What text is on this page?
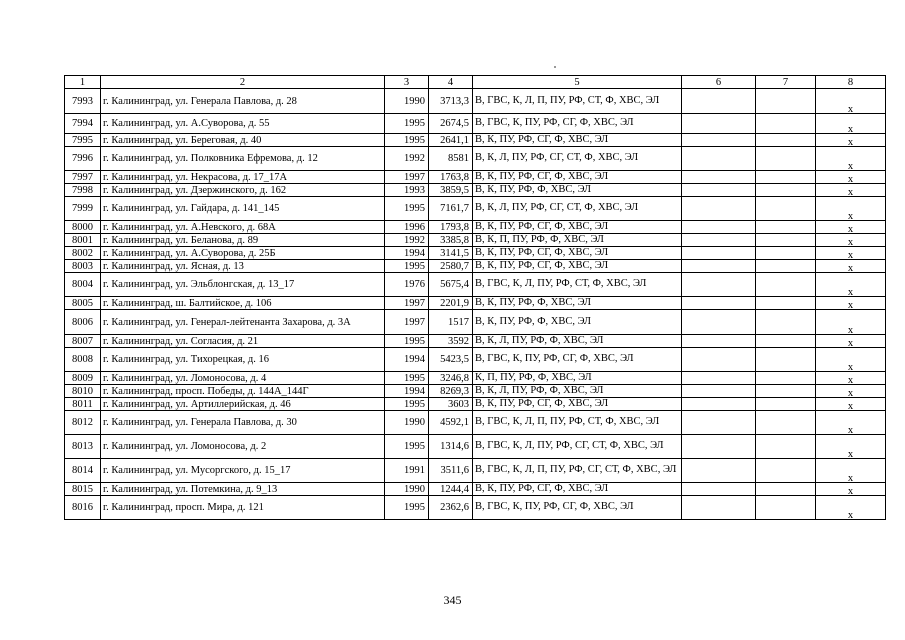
1	2	3	4	5	6	7	8
7993	г. Калининград, ул. Генерала Павлова, д. 28	1990	3713,3	В, ГВС, К, Л, П, ПУ, РФ, СТ, Ф, ХВС, ЭЛ			х
7994	г. Калининград, ул. А.Суворова, д. 55	1995	2674,5	В, ГВС, К, ПУ, РФ, СГ, Ф, ХВС, ЭЛ			х
7995	г. Калининград, ул. Береговая, д. 40	1995	2641,1	В, К, ПУ, РФ, СГ, Ф, ХВС, ЭЛ			х
7996	г. Калининград, ул. Полковника Ефремова, д. 12	1992	8581	В, К, Л, ПУ, РФ, СГ, СТ, Ф, ХВС, ЭЛ			х
7997	г. Калининград, ул. Некрасова, д. 17_17А	1997	1763,8	В, К, ПУ, РФ, СГ, Ф, ХВС, ЭЛ			х
7998	г. Калининград, ул. Дзержинского, д. 162	1993	3859,5	В, К, ПУ, РФ, Ф, ХВС, ЭЛ			х
7999	г. Калининград, ул. Гайдара, д. 141_145	1995	7161,7	В, К, Л, ПУ, РФ, СГ, СТ, Ф, ХВС, ЭЛ			х
8000	г. Калининград, ул. А.Невского, д. 68А	1996	1793,8	В, К, ПУ, РФ, СГ, Ф, ХВС, ЭЛ			х
8001	г. Калининград, ул. Беланова, д. 89	1992	3385,8	В, К, П, ПУ, РФ, Ф, ХВС, ЭЛ			х
8002	г. Калининград, ул. А.Суворова, д. 25Б	1994	3141,5	В, К, ПУ, РФ, СГ, Ф, ХВС, ЭЛ			х
8003	г. Калининград, ул. Ясная, д. 13	1995	2580,7	В, К, ПУ, РФ, СГ, Ф, ХВС, ЭЛ			х
8004	г. Калининград, ул. Эльблонгская, д. 13_17	1976	5675,4	В, ГВС, К, Л, ПУ, РФ, СТ, Ф, ХВС, ЭЛ			х
8005	г. Калининград, ш. Балтийское, д. 106	1997	2201,9	В, К, ПУ, РФ, Ф, ХВС, ЭЛ			х
8006	г. Калининград, ул. Генерал-лейтенанта Захарова, д. 3А	1997	1517	В, К, ПУ, РФ, Ф, ХВС, ЭЛ			х
8007	г. Калининград, ул. Согласия, д. 21	1995	3592	В, К, Л, ПУ, РФ, Ф, ХВС, ЭЛ			х
8008	г. Калининград, ул. Тихорецкая, д. 16	1994	5423,5	В, ГВС, К, ПУ, РФ, СГ, Ф, ХВС, ЭЛ			х
8009	г. Калининград, ул. Ломоносова, д. 4	1995	3246,8	К, П, ПУ, РФ, Ф, ХВС, ЭЛ			х
8010	г. Калининград, просп. Победы, д. 144А_144Г	1994	8269,3	В, К, Л, ПУ, РФ, Ф, ХВС, ЭЛ			х
8011	г. Калининград, ул. Артиллерийская, д. 46	1995	3603	В, К, ПУ, РФ, СГ, Ф, ХВС, ЭЛ			х
8012	г. Калининград, ул. Генерала Павлова, д. 30	1990	4592,1	В, ГВС, К, Л, П, ПУ, РФ, СТ, Ф, ХВС, ЭЛ			х
8013	г. Калининград, ул. Ломоносова, д. 2	1995	1314,6	В, ГВС, К, Л, ПУ, РФ, СГ, СТ, Ф, ХВС, ЭЛ			х
8014	г. Калининград, ул. Мусоргского, д. 15_17	1991	3511,6	В, ГВС, К, Л, П, ПУ, РФ, СГ, СТ, Ф, ХВС, ЭЛ			х
8015	г. Калининград, ул. Потемкина, д. 9_13	1990	1244,4	В, К, ПУ, РФ, СГ, Ф, ХВС, ЭЛ			х
8016	г. Калининград, просп. Мира, д. 121	1995	2362,6	В, ГВС, К, ПУ, РФ, СГ, Ф, ХВС, ЭЛ			х
345
